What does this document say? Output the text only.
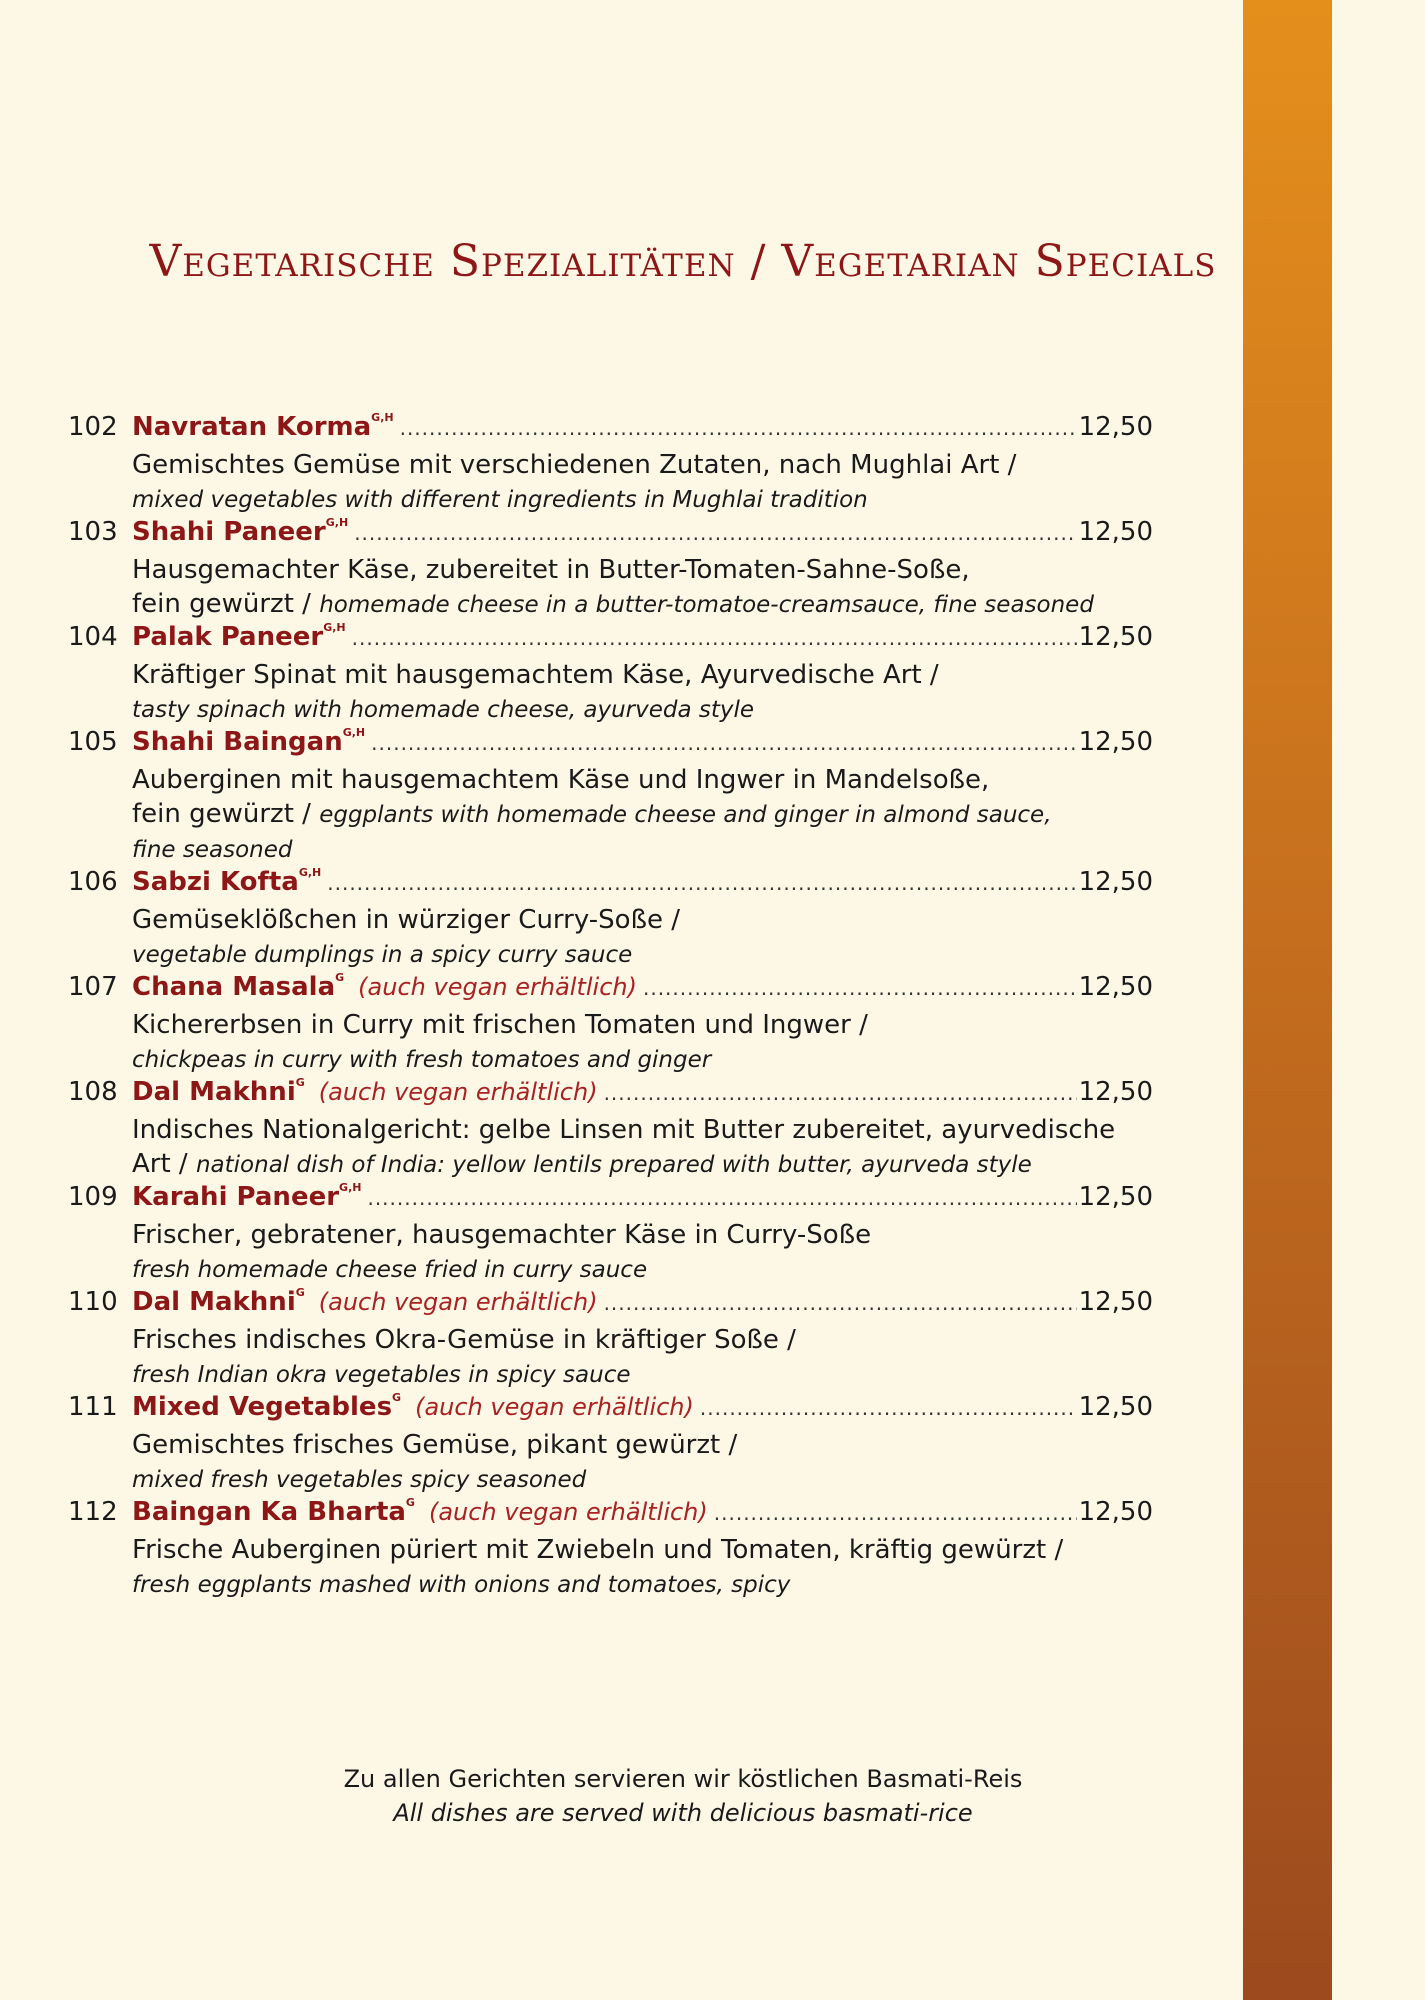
Vegetarische Spezialitäten / Vegetarian Specials
102 Navratan Korma$^{G,H}$ .....	12,50
Gemischtes Gemüse mit verschiedenen Zutaten, nach Mughlai Art /
mixed vegetables with different ingredients in Mughlai tradition
103 Shahi Paneer$^{G,H}$ .....	12,50
Hausgemachter Käse, zubereitet in Butter-Tomaten-Sahne-Soße,
fein gewürzt / homemade cheese in a butter-tomatoe-creamsauce, fine seasoned
104 Palak Paneer$^{G,H}$ .....	12,50
Kräftiger Spinat mit hausgemachtem Käse, Ayurvedische Art /
tasty spinach with homemade cheese, ayurveda style
105 Shahi Baingan$^{G,H}$ .....	12,50
Auberginen mit hausgemachtem Käse und Ingwer in Mandelsoße,
fein gewürzt / eggplants with homemade cheese and ginger in almond sauce,
fine seasoned
106 Sabzi Kofta$^{G,H}$ .....	12,50
Gemüseklößchen in würziger Curry-Soße /
vegetable dumplings in a spicy curry sauce
107 Chana Masala$^G$ (auch vegan erhältlich) .....	12,50
Kichererbsen in Curry mit frischen Tomaten und Ingwer /
chickpeas in curry with fresh tomatoes and ginger
108 Dal Makhni$^G$ (auch vegan erhältlich) .....	12,50
Indisches Nationalgericht: gelbe Linsen mit Butter zubereitet, ayurvedische
Art / national dish of India: yellow lentils prepared with butter, ayurveda style
109 Karahi Paneer$^{G,H}$ .....	12,50
Frischer, gebratener, hausgemachter Käse in Curry-Soße
fresh homemade cheese fried in curry sauce
110 Dal Makhni$^G$ (auch vegan erhältlich) .....	12,50
Frisches indisches Okra-Gemüse in kräftiger Soße /
fresh Indian okra vegetables in spicy sauce
111 Mixed Vegetables$^G$ (auch vegan erhältlich) .....	12,50
Gemischtes frisches Gemüse, pikant gewürzt /
mixed fresh vegetables spicy seasoned
112 Baingan Ka Bharta$^G$ (auch vegan erhältlich) .....	12,50
Frische Auberginen püriert mit Zwiebeln und Tomaten, kräftig gewürzt /
fresh eggplants mashed with onions and tomatoes, spicy
Zu allen Gerichten servieren wir köstlichen Basmati-Reis
All dishes are served with delicious basmati-rice
